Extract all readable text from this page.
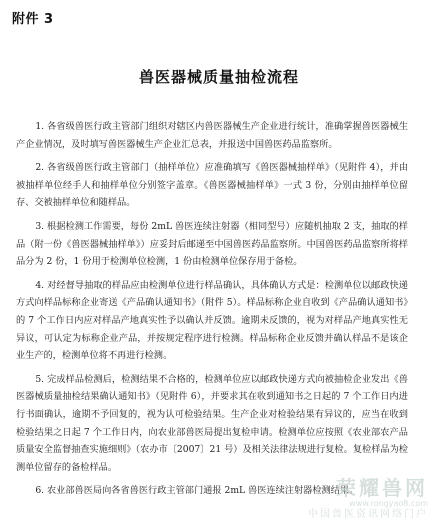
附件 3
兽医器械质量抽检流程

1. 各省级兽医行政主管部门组织对辖区内兽医器械生产企业进行统计，准确掌握兽医器械生产企业情况，及时填写兽医器械生产企业汇总表，并报送中国兽医药品监察所。

2. 各省级兽医行政主管部门（抽样单位）应准确填写《兽医器械抽样单》（见附件 4），并由被抽样单位经手人和抽样单位分别签字盖章。《兽医器械抽样单》一式 3 份，分别由抽样单位留存、交被抽样单位和随样品。

3. 根据检测工作需要，每份 2mL 兽医连续注射器（相同型号）应随机抽取 2 支，抽取的样品（附一份《兽医器械抽样单》）应妥封后邮递至中国兽医药品监察所。中国兽医药品监察所将样品分为 2 份，1 份用于检测单位检测，1 份由检测单位保存用于备检。

4. 对经督导抽取的样品应由检测单位进行样品确认，具体确认方式是：检测单位以邮政快递方式向样品标称企业寄送《产品确认通知书》（附件 5）。样品标称企业自收到《产品确认通知书》的 7 个工作日内应对样品产地真实性予以确认并反馈。逾期未反馈的，视为对样品产地真实性无异议，可认定为标称企业产品，并按规定程序进行检测。样品标称企业反馈并确认样品不是该企业生产的，检测单位将不再进行检测。

5. 完成样品检测后，检测结果不合格的，检测单位应以邮政快递方式向被抽检企业发出《兽医器械质量抽检结果确认通知书》（见附件 6），并要求其在收到通知书之日起的 7 个工作日内进行书面确认，逾期不予回复的，视为认可检验结果。生产企业对检验结果有异议的，应当在收到检验结果之日起 7 个工作日内，向农业部兽医局提出复检申请。检测单位应按照《农业部农产品质量安全监督抽查实施细则》（农办市〔2007〕21 号）及相关法律法规进行复检。复检样品为检测单位留存的备检样品。

6. 农业部兽医局向各省兽医行政主管部门通报 2mL 兽医连续注射器检测结果。

荣耀兽网
www.rongyao8.com
中国兽医资讯网络门户
